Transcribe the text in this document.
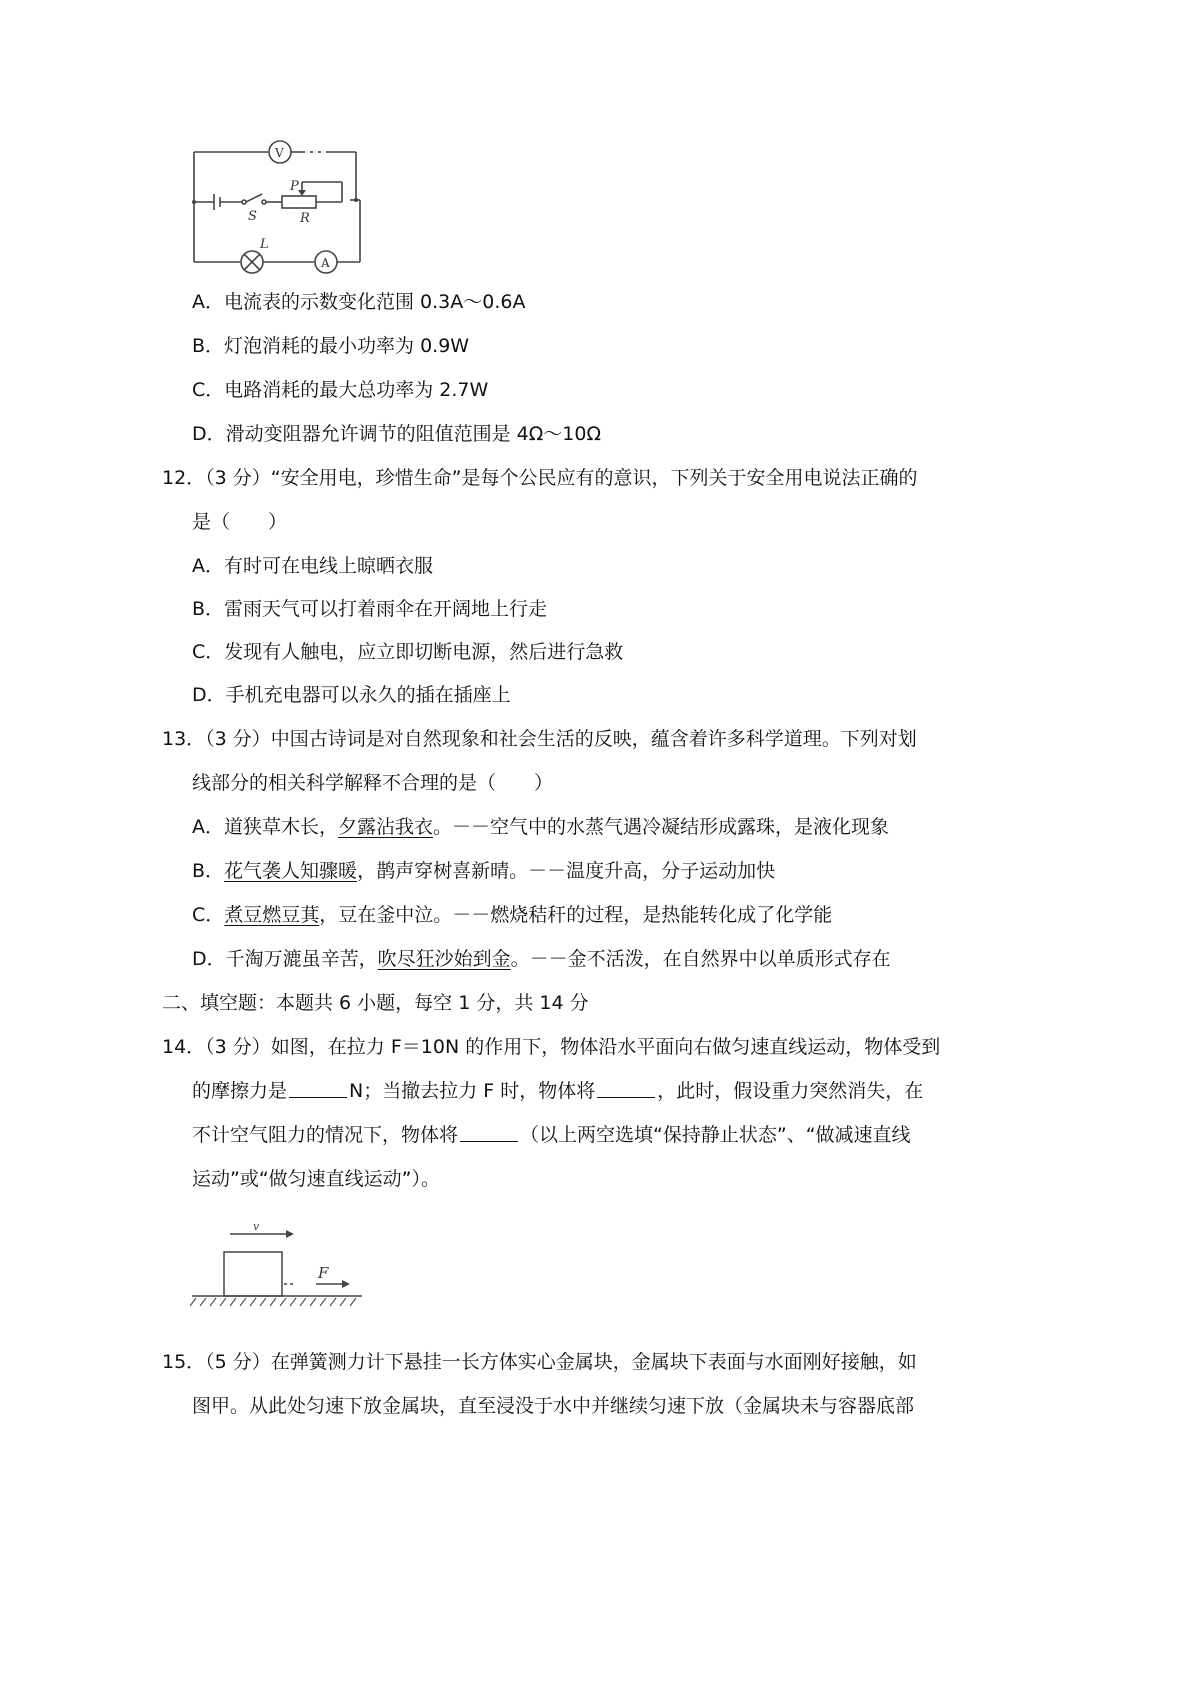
V
S
P
R
L
A
A．电流表的示数变化范围 0.3A～0.6A
B．灯泡消耗的最小功率为 0.9W
C．电路消耗的最大总功率为 2.7W
D．滑动变阻器允许调节的阻值范围是 4Ω～10Ω
12．（3 分）“安全用电，珍惜生命”是每个公民应有的意识，下列关于安全用电说法正确的
是（　　）
A．有时可在电线上晾晒衣服
B．雷雨天气可以打着雨伞在开阔地上行走
C．发现有人触电，应立即切断电源，然后进行急救
D．手机充电器可以永久的插在插座上
13．（3 分）中国古诗词是对自然现象和社会生活的反映，蕴含着许多科学道理。下列对划
线部分的相关科学解释不合理的是（　　）
A．道狭草木长，夕露沾我衣。－－空气中的水蒸气遇冷凝结形成露珠，是液化现象
B．花气袭人知骤暖，鹊声穿树喜新晴。－－温度升高，分子运动加快
C．煮豆燃豆萁，豆在釜中泣。－－燃烧秸秆的过程，是热能转化成了化学能
D．千淘万漉虽辛苦，吹尽狂沙始到金。－－金不活泼，在自然界中以单质形式存在
二、填空题：本题共 6 小题，每空 1 分，共 14 分
14．（3 分）如图，在拉力 F＝10N 的作用下，物体沿水平面向右做匀速直线运动，物体受到
的摩擦力是	N；当撤去拉力 F 时，物体将	，此时，假设重力突然消失，在
不计空气阻力的情况下，物体将	（以上两空选填“保持静止状态”、“做减速直线
运动”或“做匀速直线运动”）。
v
F
15．（5 分）在弹簧测力计下悬挂一长方体实心金属块，金属块下表面与水面刚好接触，如
图甲。从此处匀速下放金属块，直至浸没于水中并继续匀速下放（金属块未与容器底部
